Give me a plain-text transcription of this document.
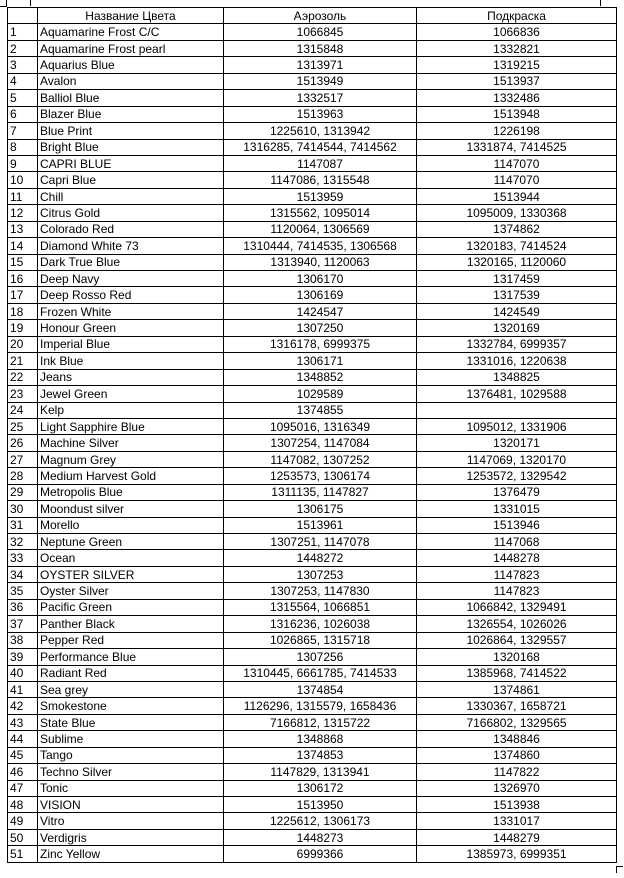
	Название Цвета	Аэрозоль	Подкраска
1	Aquamarine Frost C/C	1066845	1066836
2	Aquamarine Frost pearl	1315848	1332821
3	Aquarius Blue	1313971	1319215
4	Avalon	1513949	1513937
5	Balliol Blue	1332517	1332486
6	Blazer Blue	1513963	1513948
7	Blue Print	1225610, 1313942	1226198
8	Bright Blue	1316285, 7414544, 7414562	1331874, 7414525
9	CAPRI BLUE	1147087	1147070
10	Capri Blue	1147086, 1315548	1147070
11	Chill	1513959	1513944
12	Citrus Gold	1315562, 1095014	1095009, 1330368
13	Colorado Red	1120064, 1306569	1374862
14	Diamond White 73	1310444, 7414535, 1306568	1320183, 7414524
15	Dark True Blue	1313940, 1120063	1320165, 1120060
16	Deep Navy	1306170	1317459
17	Deep Rosso Red	1306169	1317539
18	Frozen White	1424547	1424549
19	Honour Green	1307250	1320169
20	Imperial Blue	1316178, 6999375	1332784, 6999357
21	Ink Blue	1306171	1331016, 1220638
22	Jeans	1348852	1348825
23	Jewel Green	1029589	1376481, 1029588
24	Kelp	1374855	
25	Light Sapphire Blue	1095016, 1316349	1095012, 1331906
26	Machine Silver	1307254, 1147084	1320171
27	Magnum Grey	1147082, 1307252	1147069, 1320170
28	Medium Harvest Gold	1253573, 1306174	1253572, 1329542
29	Metropolis Blue	1311135, 1147827	1376479
30	Moondust silver	1306175	1331015
31	Morello	1513961	1513946
32	Neptune Green	1307251, 1147078	1147068
33	Ocean	1448272	1448278
34	OYSTER SILVER	1307253	1147823
35	Oyster Silver	1307253, 1147830	1147823
36	Pacific Green	1315564, 1066851	1066842, 1329491
37	Panther Black	1316236, 1026038	1326554, 1026026
38	Pepper Red	1026865, 1315718	1026864, 1329557
39	Performance Blue	1307256	1320168
40	Radiant Red	1310445, 6661785, 7414533	1385968, 7414522
41	Sea grey	1374854	1374861
42	Smokestone	1126296, 1315579, 1658436	1330367, 1658721
43	State Blue	7166812, 1315722	7166802, 1329565
44	Sublime	1348868	1348846
45	Tango	1374853	1374860
46	Techno Silver	1147829, 1313941	1147822
47	Tonic	1306172	1326970
48	VISION	1513950	1513938
49	Vitro	1225612, 1306173	1331017
50	Verdigris	1448273	1448279
51	Zinc Yellow	6999366	1385973, 6999351
